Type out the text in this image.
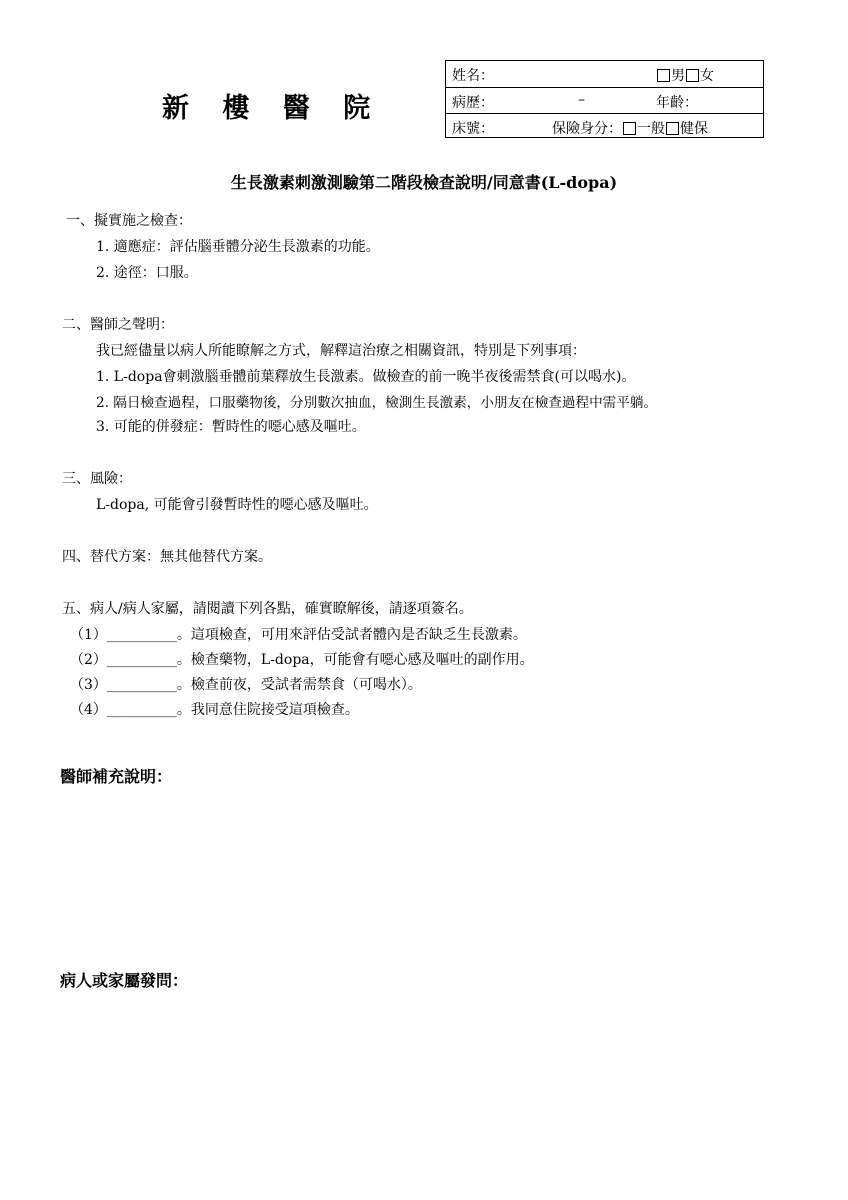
新 樓 醫 院
姓名：	男 女
病歷：	–	年齡：
床號：	保險身分： 一般 健保
生長激素刺激測驗第二階段檢查說明/同意書(L-dopa)
一、擬實施之檢查：
1. 適應症：評估腦垂體分泌生長激素的功能。
2. 途徑：口服。
二、醫師之聲明：
我已經儘量以病人所能瞭解之方式，解釋這治療之相關資訊，特別是下列事項：
1. L-dopa會刺激腦垂體前葉釋放生長激素。做檢查的前一晚半夜後需禁食(可以喝水)。
2. 隔日檢查過程，口服藥物後，分別數次抽血，檢測生長激素，小朋友在檢查過程中需平躺。
3. 可能的併發症：暫時性的噁心感及嘔吐。
三、風險：
L-dopa, 可能會引發暫時性的噁心感及嘔吐。
四、替代方案：無其他替代方案。
五、病人/病人家屬，請閱讀下列各點，確實瞭解後，請逐項簽名。
（1）__________。這項檢查，可用來評估受試者體內是否缺乏生長激素。
（2）__________。檢查藥物，L-dopa，可能會有噁心感及嘔吐的副作用。
（3）__________。檢查前夜，受試者需禁食（可喝水）。
（4）__________。我同意住院接受這項檢查。
醫師補充說明：
病人或家屬發問：
